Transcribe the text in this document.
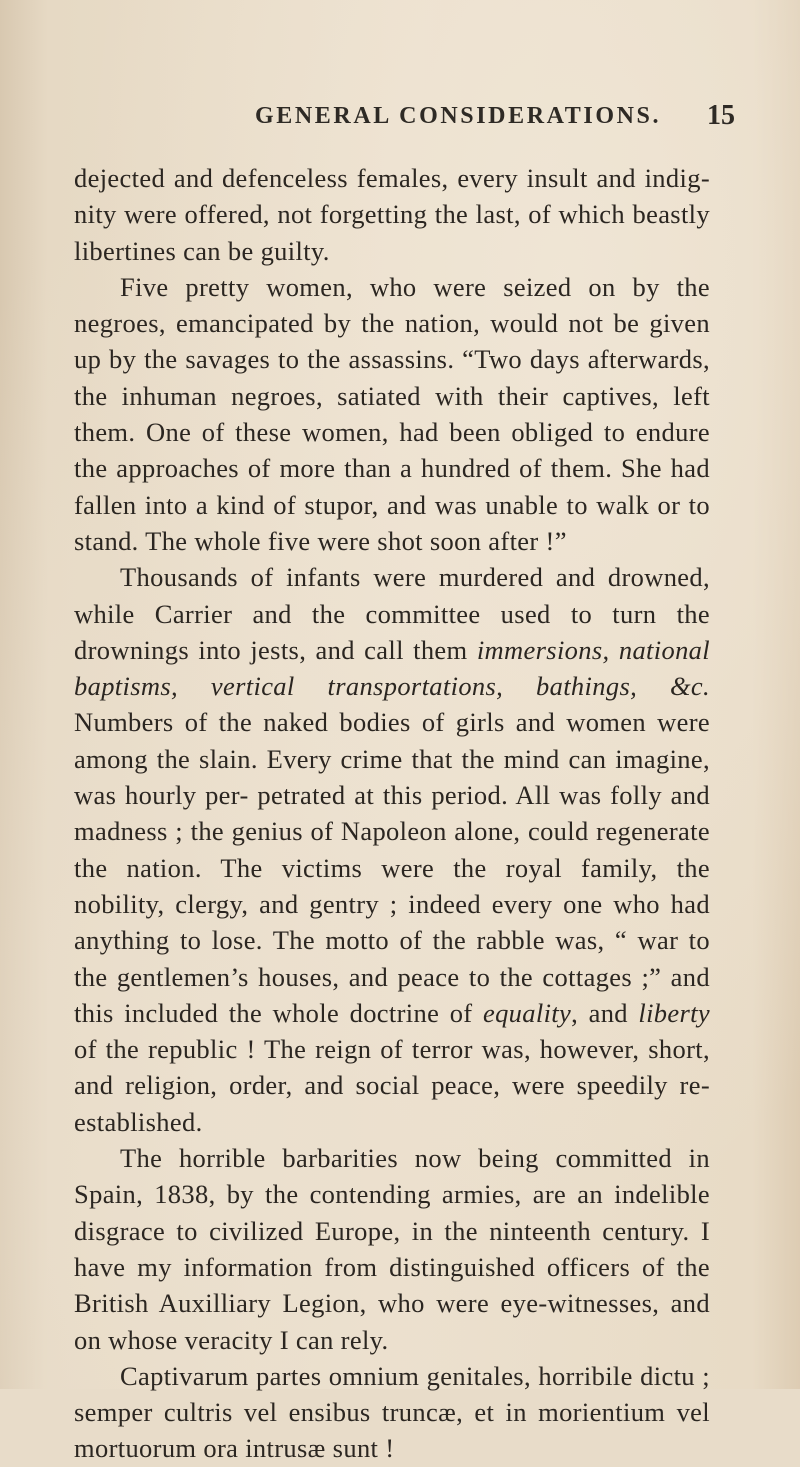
GENERAL CONSIDERATIONS. 15

dejected and defenceless females, every insult and indig- nity were offered, not forgetting the last, of which beastly libertines can be guilty.

Five pretty women, who were seized on by the negroes, emancipated by the nation, would not be given up by the savages to the assassins. “Two days afterwards, the inhuman negroes, satiated with their captives, left them. One of these women, had been obliged to endure the approaches of more than a hundred of them. She had fallen into a kind of stupor, and was unable to walk or to stand. The whole five were shot soon after !”

Thousands of infants were murdered and drowned, while Carrier and the committee used to turn the drownings into jests, and call them immersions, national baptisms, vertical transportations, bathings, &c. Numbers of the naked bodies of girls and women were among the slain. Every crime that the mind can imagine, was hourly per- petrated at this period. All was folly and madness ; the genius of Napoleon alone, could regenerate the nation. The victims were the royal family, the nobility, clergy, and gentry ; indeed every one who had anything to lose. The motto of the rabble was, “ war to the gentlemen’s houses, and peace to the cottages ;” and this included the whole doctrine of equality, and liberty of the republic ! The reign of terror was, however, short, and religion, order, and social peace, were speedily re-established.

The horrible barbarities now being committed in Spain, 1838, by the contending armies, are an indelible disgrace to civilized Europe, in the ninteenth century. I have my information from distinguished officers of the British Auxilliary Legion, who were eye-witnesses, and on whose veracity I can rely.

Captivarum partes omnium genitales, horribile dictu ; semper cultris vel ensibus truncæ, et in morientium vel mortuorum ora intrusæ sunt !
